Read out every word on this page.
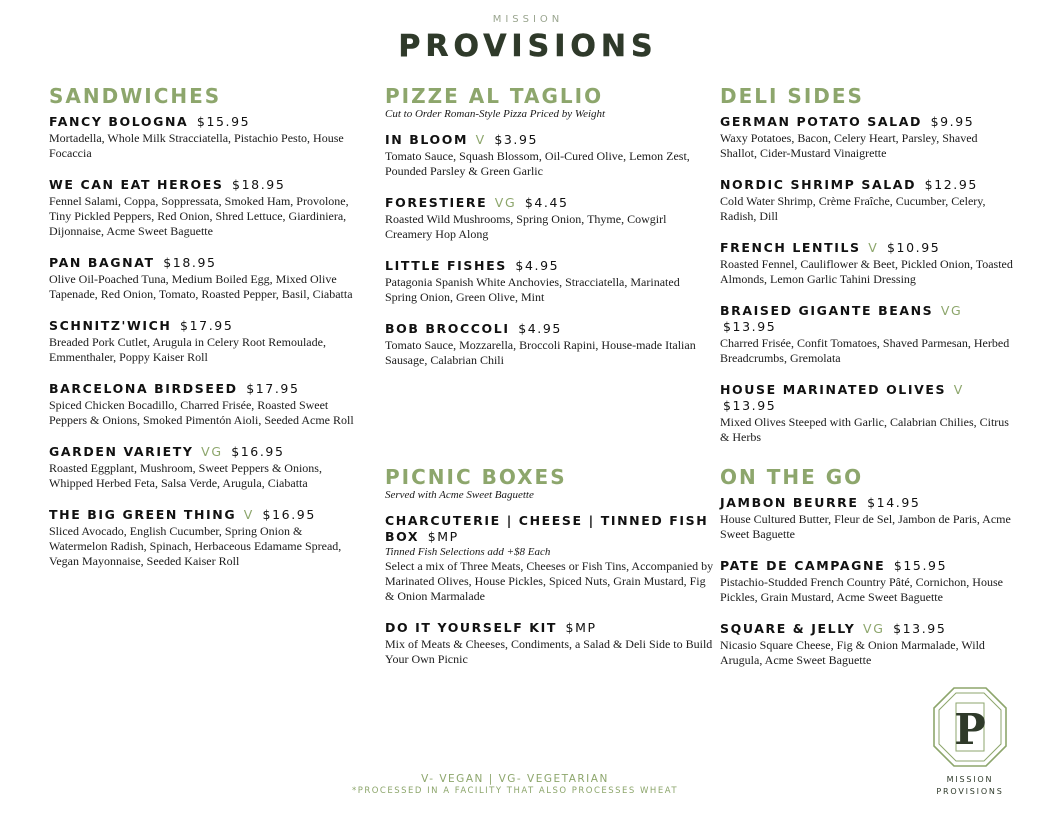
MISSION
PROVISIONS
SANDWICHES
FANCY BOLOGNA $15.95
Mortadella, Whole Milk Stracciatella, Pistachio Pesto, House Focaccia
WE CAN EAT HEROES $18.95
Fennel Salami, Coppa, Soppressata, Smoked Ham, Provolone, Tiny Pickled Peppers, Red Onion, Shred Lettuce, Giardiniera, Dijonnaise, Acme Sweet Baguette
PAN BAGNAT $18.95
Olive Oil-Poached Tuna, Medium Boiled Egg, Mixed Olive Tapenade, Red Onion, Tomato, Roasted Pepper, Basil, Ciabatta
SCHNITZ'WICH $17.95
Breaded Pork Cutlet, Arugula in Celery Root Remoulade, Emmenthaler, Poppy Kaiser Roll
BARCELONA BIRDSEED $17.95
Spiced Chicken Bocadillo, Charred Frisée, Roasted Sweet Peppers & Onions, Smoked Pimentón Aioli, Seeded Acme Roll
GARDEN VARIETY VG $16.95
Roasted Eggplant, Mushroom, Sweet Peppers & Onions, Whipped Herbed Feta, Salsa Verde, Arugula, Ciabatta
THE BIG GREEN THING V $16.95
Sliced Avocado, English Cucumber, Spring Onion & Watermelon Radish, Spinach, Herbaceous Edamame Spread, Vegan Mayonnaise, Seeded Kaiser Roll
PIZZE AL TAGLIO
Cut to Order Roman-Style Pizza Priced by Weight
IN BLOOM V $3.95
Tomato Sauce, Squash Blossom, Oil-Cured Olive, Lemon Zest, Pounded Parsley & Green Garlic
FORESTIERE VG $4.45
Roasted Wild Mushrooms, Spring Onion, Thyme, Cowgirl Creamery Hop Along
LITTLE FISHES $4.95
Patagonia Spanish White Anchovies, Stracciatella, Marinated Spring Onion, Green Olive, Mint
BOB BROCCOLI $4.95
Tomato Sauce, Mozzarella, Broccoli Rapini, House-made Italian Sausage, Calabrian Chili
DELI SIDES
GERMAN POTATO SALAD $9.95
Waxy Potatoes, Bacon, Celery Heart, Parsley, Shaved Shallot, Cider-Mustard Vinaigrette
NORDIC SHRIMP SALAD $12.95
Cold Water Shrimp, Crème Fraîche, Cucumber, Celery, Radish, Dill
FRENCH LENTILS V $10.95
Roasted Fennel, Cauliflower & Beet, Pickled Onion, Toasted Almonds, Lemon Garlic Tahini Dressing
BRAISED GIGANTE BEANS VG $13.95
Charred Frisée, Confit Tomatoes, Shaved Parmesan, Herbed Breadcrumbs, Gremolata
HOUSE MARINATED OLIVES V $13.95
Mixed Olives Steeped with Garlic, Calabrian Chilies, Citrus & Herbs
PICNIC BOXES
Served with Acme Sweet Baguette
CHARCUTERIE | CHEESE | TINNED FISH BOX $MP
Tinned Fish Selections add +$8 Each
Select a mix of Three Meats, Cheeses or Fish Tins, Accompanied by Marinated Olives, House Pickles, Spiced Nuts, Grain Mustard, Fig & Onion Marmalade
DO IT YOURSELF KIT $MP
Mix of Meats & Cheeses, Condiments, a Salad & Deli Side to Build Your Own Picnic
ON THE GO
JAMBON BEURRE $14.95
House Cultured Butter, Fleur de Sel, Jambon de Paris, Acme Sweet Baguette
PATE DE CAMPAGNE $15.95
Pistachio-Studded French Country Pâté, Cornichon, House Pickles, Grain Mustard, Acme Sweet Baguette
SQUARE & JELLY VG $13.95
Nicasio Square Cheese, Fig & Onion Marmalade, Wild Arugula, Acme Sweet Baguette
V- VEGAN | VG- VEGETARIAN
*PROCESSED IN A FACILITY THAT ALSO PROCESSES WHEAT
P
MISSION
PROVISIONS
